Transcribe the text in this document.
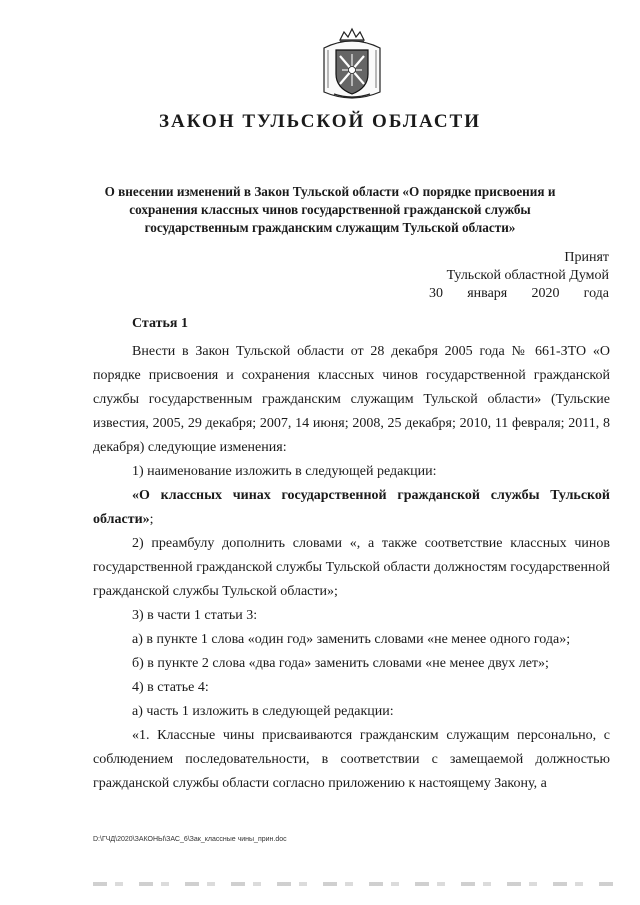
ЗАКОН ТУЛЬСКОЙ ОБЛАСТИ
О внесении изменений в Закон Тульской области «О порядке присвоения и сохранения классных чинов государственной гражданской службы государственным гражданским служащим Тульской области»
Принят
Тульской областной Думой
30 января 2020 года

Статья 1

Внести в Закон Тульской области от 28 декабря 2005 года № 661-ЗТО «О порядке присвоения и сохранения классных чинов государственной гражданской службы государственным гражданским служащим Тульской области» (Тульские известия, 2005, 29 декабря; 2007, 14 июня; 2008, 25 декабря; 2010, 11 февраля; 2011, 8 декабря) следующие изменения:

1) наименование изложить в следующей редакции:

«О классных чинах государственной гражданской службы Тульской области»;

2) преамбулу дополнить словами «, а также соответствие классных чинов государственной гражданской службы Тульской области должностям государственной гражданской службы Тульской области»;

3) в части 1 статьи 3:

а) в пункте 1 слова «один год» заменить словами «не менее одного года»;

б) в пункте 2 слова «два года» заменить словами «не менее двух лет»;

4) в статье 4:

а) часть 1 изложить в следующей редакции:

«1. Классные чины присваиваются гражданским служащим персонально, с соблюдением последовательности, в соответствии с замещаемой должностью гражданской службы области согласно приложению к настоящему Закону, а

D:\ГЧД\2020\ЗАКОНЫ\ЗАС_6\Зак_классные чины_прин.doc
